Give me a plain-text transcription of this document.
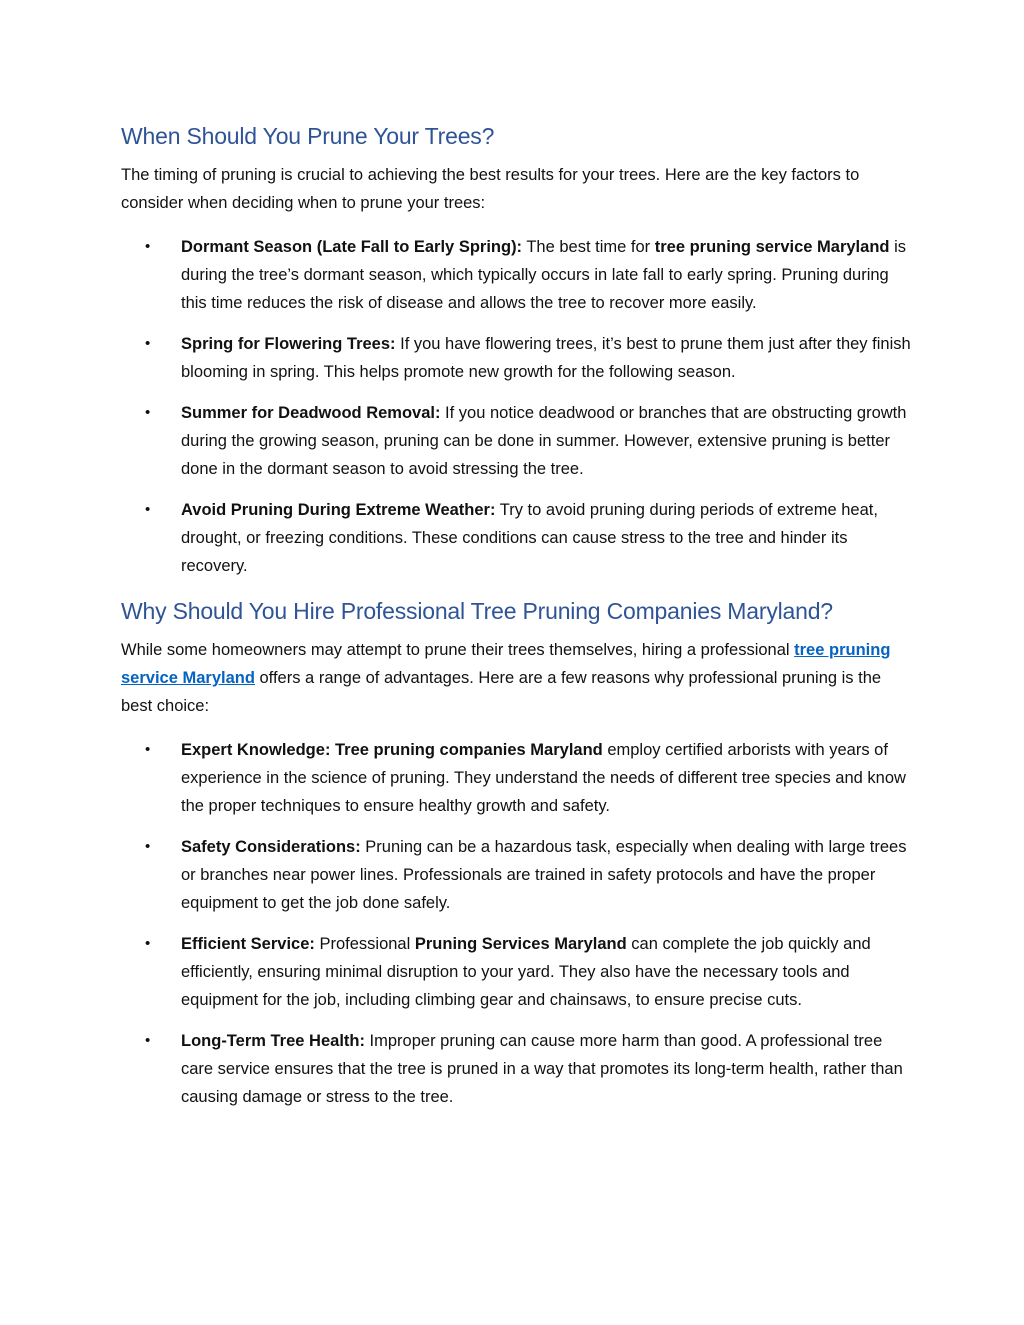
When Should You Prune Your Trees?

The timing of pruning is crucial to achieving the best results for your trees. Here are the key factors to consider when deciding when to prune your trees:

• Dormant Season (Late Fall to Early Spring): The best time for tree pruning service Maryland is during the tree’s dormant season, which typically occurs in late fall to early spring. Pruning during this time reduces the risk of disease and allows the tree to recover more easily.
• Spring for Flowering Trees: If you have flowering trees, it’s best to prune them just after they finish blooming in spring. This helps promote new growth for the following season.
• Summer for Deadwood Removal: If you notice deadwood or branches that are obstructing growth during the growing season, pruning can be done in summer. However, extensive pruning is better done in the dormant season to avoid stressing the tree.
• Avoid Pruning During Extreme Weather: Try to avoid pruning during periods of extreme heat, drought, or freezing conditions. These conditions can cause stress to the tree and hinder its recovery.
Why Should You Hire Professional Tree Pruning Companies Maryland?

While some homeowners may attempt to prune their trees themselves, hiring a professional tree pruning service Maryland offers a range of advantages. Here are a few reasons why professional pruning is the best choice:

• Expert Knowledge: Tree pruning companies Maryland employ certified arborists with years of experience in the science of pruning. They understand the needs of different tree species and know the proper techniques to ensure healthy growth and safety.
• Safety Considerations: Pruning can be a hazardous task, especially when dealing with large trees or branches near power lines. Professionals are trained in safety protocols and have the proper equipment to get the job done safely.
• Efficient Service: Professional Pruning Services Maryland can complete the job quickly and efficiently, ensuring minimal disruption to your yard. They also have the necessary tools and equipment for the job, including climbing gear and chainsaws, to ensure precise cuts.
• Long-Term Tree Health: Improper pruning can cause more harm than good. A professional tree care service ensures that the tree is pruned in a way that promotes its long-term health, rather than causing damage or stress to the tree.
